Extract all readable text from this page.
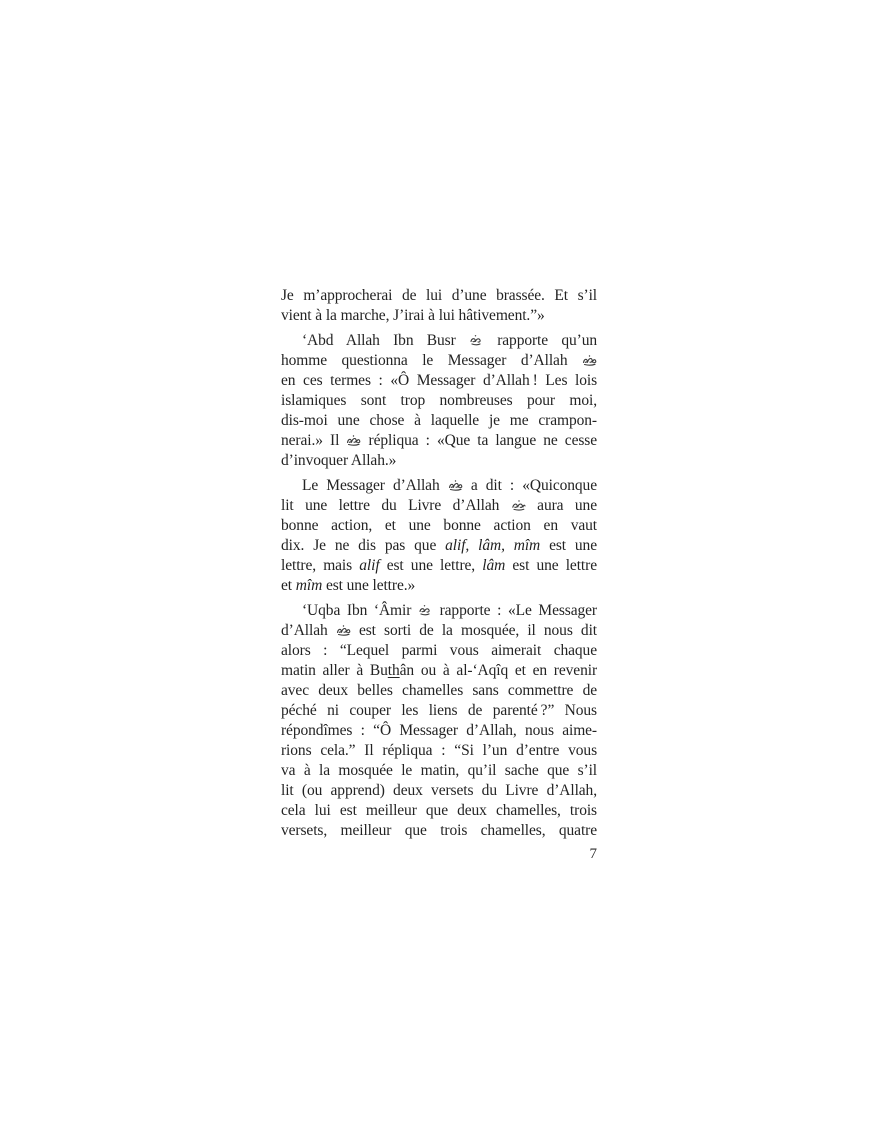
Je m’approcherai de lui d’une brassée. Et s’il
vient à la marche, J’irai à lui hâtivement.”»
‘Abd Allah Ibn Busr
rapporte qu’un
homme questionna le Messager d’Allah
en ces termes : «Ô Messager d’Allah ! Les lois
islamiques sont trop nombreuses pour moi,
dis-moi une chose à laquelle je me crampon-
nerai.» Il
répliqua : «Que ta langue ne cesse
d’invoquer Allah.»
Le Messager d’Allah
a dit : «Quiconque
lit une lettre du Livre d’Allah
aura une
bonne action, et une bonne action en vaut
dix. Je ne dis pas que alif, lâm, mîm est une
lettre, mais alif est une lettre, lâm est une lettre
et mîm est une lettre.»
‘Uqba Ibn ‘Âmir
rapporte : «Le Messager
d’Allah
est sorti de la mosquée, il nous dit
alors : “Lequel parmi vous aimerait chaque
matin aller à Buthân ou à al-‘Aqîq et en revenir
avec deux belles chamelles sans commettre de
péché ni couper les liens de parenté ?” Nous
répondîmes : “Ô Messager d’Allah, nous aime-
rions cela.” Il répliqua : “Si l’un d’entre vous
va à la mosquée le matin, qu’il sache que s’il
lit (ou apprend) deux versets du Livre d’Allah,
cela lui est meilleur que deux chamelles, trois
versets, meilleur que trois chamelles, quatre
7
